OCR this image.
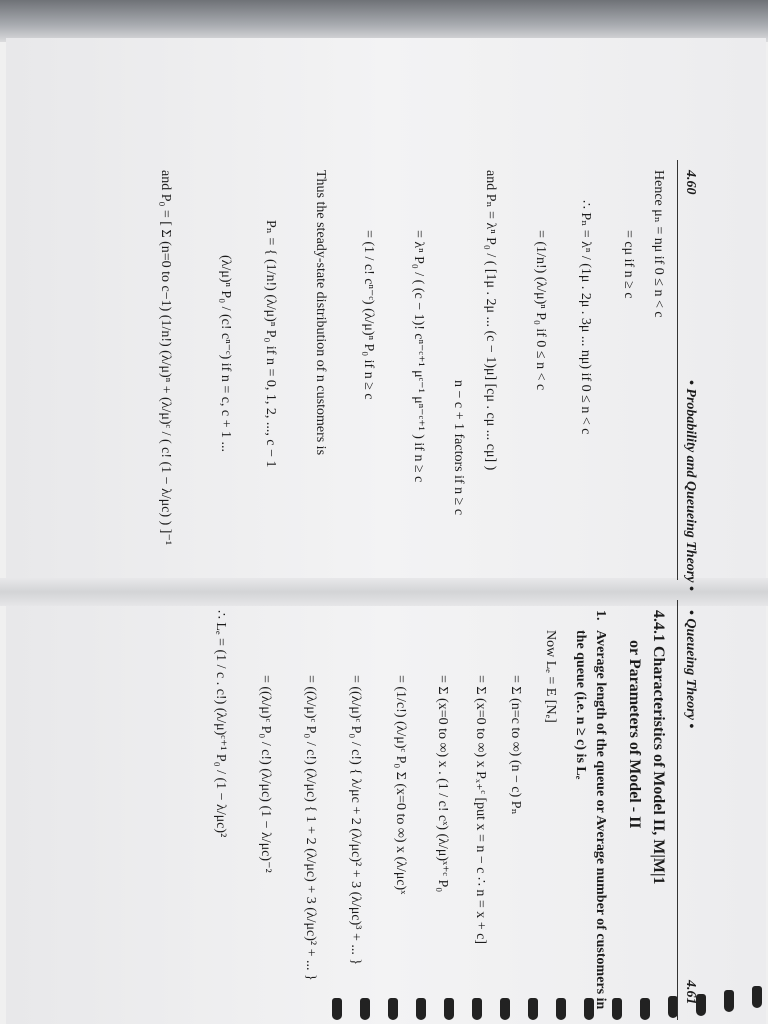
4.60
• Probability and Queueing Theory •
Hence μₙ = nμ if 0 ≤ n < c
= cμ if n ≥ c
∴ Pₙ = λⁿ / (1μ . 2μ . 3μ ... nμ) if 0 ≤ n < c
= (1/n!) (λ/μ)ⁿ P₀ if 0 ≤ n < c
and Pₙ = λⁿ P₀ / ( [1μ . 2μ ... (c − 1)μ] [cμ . cμ ... cμ] )
n − c + 1 factors if n ≥ c
= λⁿ P₀ / ( (c − 1)! cⁿ⁻ᶜ⁺¹ μᶜ⁻¹ μⁿ⁻ᶜ⁺¹ ) if n ≥ c
= (1 / c! cⁿ⁻ᶜ) (λ/μ)ⁿ P₀ if n ≥ c
Thus the steady-state distribution of n customers is
Pₙ = { (1/n!) (λ/μ)ⁿ P₀ if n = 0, 1, 2, ..., c − 1
(λ/μ)ⁿ P₀ / (c! cⁿ⁻ᶜ) if n = c, c + 1 ...
and P₀ = [ Σ (n=0 to c−1) (1/n!) (λ/μ)ⁿ + (λ/μ)ᶜ / ( c! (1 − λ/μc) ) ]⁻¹
• Queueing Theory •
4.61
4.4.1 Characteristics of Model II, M|M|1
or Parameters of Model - II
1.
Average length of the queue or Average number of customers in the queue (i.e. n ≥ c) is Lₑ
Now Lₑ = E [Nₑ]
= Σ (n=c to ∞) (n − c) Pₙ
= Σ (x=0 to ∞) x Pₓ₊ᶜ [put x = n − c ∴ n = x + c]
= Σ (x=0 to ∞) x . (1 / c! cˣ) (λ/μ)ˣ⁺ᶜ P₀
= (1/c!) (λ/μ)ᶜ P₀ Σ (x=0 to ∞) x (λ/μc)ˣ
= ((λ/μ)ᶜ P₀ / c!) { λ/μc + 2 (λ/μc)² + 3 (λ/μc)³ + ... }
= ((λ/μ)ᶜ P₀ / c!) (λ/μc) { 1 + 2 (λ/μc) + 3 (λ/μc)² + ... }
= ((λ/μ)ᶜ P₀ / c!) (λ/μc) (1 − λ/μc)⁻²
∴ Lₑ = (1 / c . c!) (λ/μ)ᶜ⁺¹ P₀ / (1 − λ/μc)²
